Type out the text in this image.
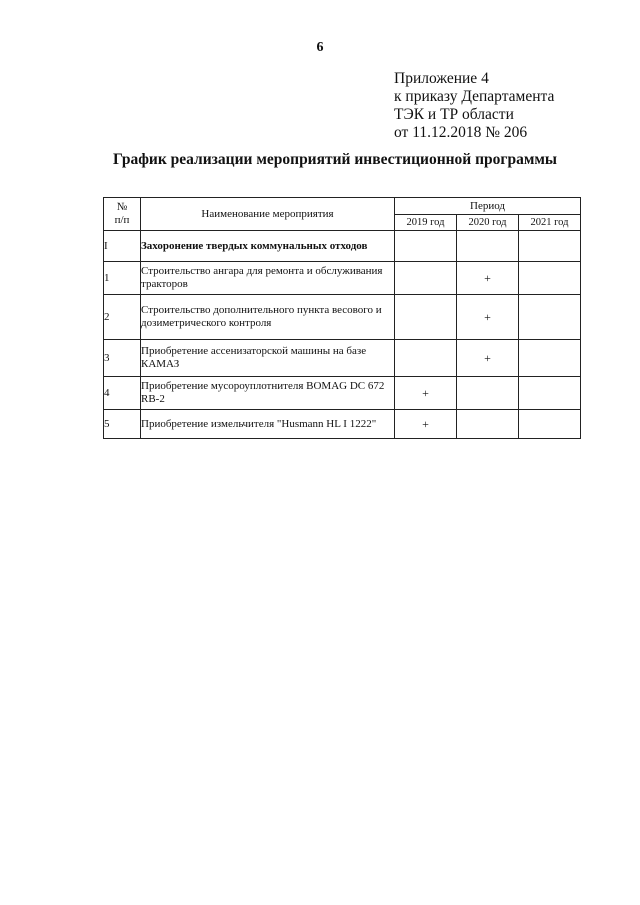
6
Приложение 4
к приказу Департамента
ТЭК и ТР области
от 11.12.2018 № 206
График реализации мероприятий инвестиционной программы
№
п/п	Наименование мероприятия	Период		
		2019 год	2020 год	2021 год
I	Захоронение твердых коммунальных отходов			
1	Строительство ангара для ремонта и обслуживания тракторов		+	
2	Строительство дополнительного пункта весового и дозиметрического контроля		+	
3	Приобретение ассенизаторской машины на базе КАМАЗ		+	
4	Приобретение мусороуплотнителя BOMAG DC 672 RB-2	+		
5	Приобретение измельчителя "Husmann HL I 1222"	+		
